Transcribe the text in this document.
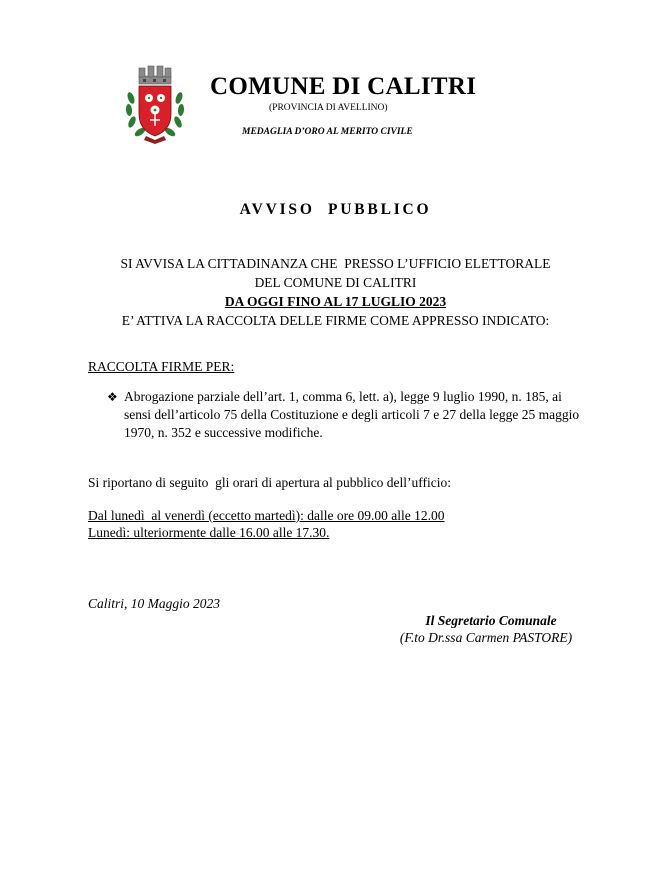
COMUNE DI CALITRI
(PROVINCIA DI AVELLINO)
MEDAGLIA D’ORO AL MERITO CIVILE
AVVISO  PUBBLICO
SI AVVISA LA CITTADINANZA CHE  PRESSO L’UFFICIO ELETTORALE
DEL COMUNE DI CALITRI
DA OGGI FINO AL 17 LUGLIO 2023
E’ ATTIVA LA RACCOLTA DELLE FIRME COME APPRESSO INDICATO:
RACCOLTA FIRME PER:
❖ Abrogazione parziale dell’art. 1, comma 6, lett. a), legge 9 luglio 1990, n. 185, ai sensi dell’articolo 75 della Costituzione e degli articoli 7 e 27 della legge 25 maggio 1970, n. 352 e successive modifiche.
Si riportano di seguito  gli orari di apertura al pubblico dell’ufficio:
Dal lunedì  al venerdì (eccetto martedì): dalle ore 09.00 alle 12.00
Lunedì: ulteriormente dalle 16.00 alle 17.30.
Calitri, 10 Maggio 2023
Il Segretario Comunale
(F.to Dr.ssa Carmen PASTORE)
